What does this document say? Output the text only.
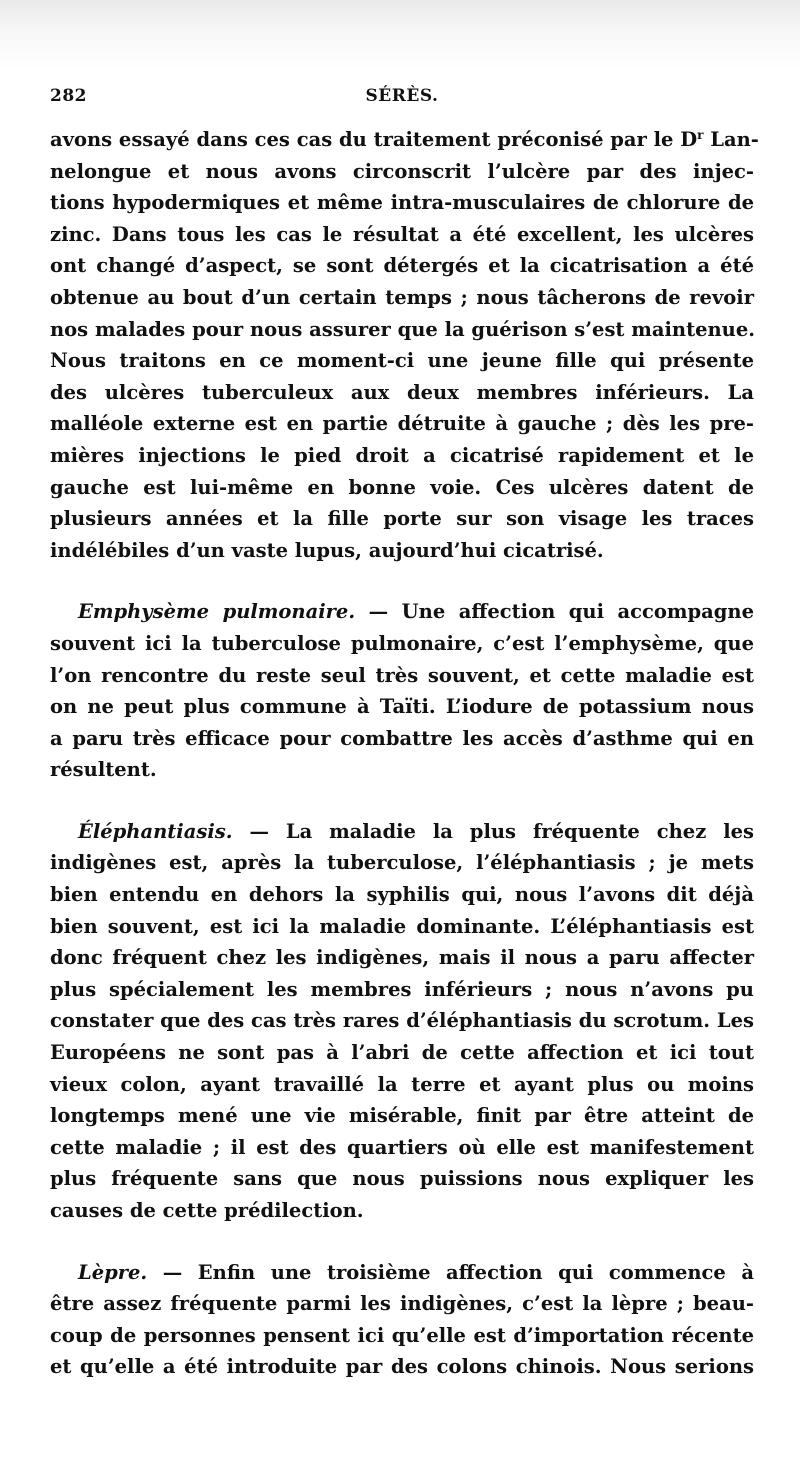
282	SÉRÈS.
avons essayé dans ces cas du traitement préconisé par le $D^r$ Lan-
nelongue et nous avons circonscrit l’ulcère par des injec-
tions hypodermiques et même intra-musculaires de chlorure de
zinc. Dans tous les cas le résultat a été excellent, les ulcères
ont changé d’aspect, se sont détergés et la cicatrisation a été
obtenue au bout d’un certain temps ; nous tâcherons de revoir
nos malades pour nous assurer que la guérison s’est maintenue.
Nous traitons en ce moment-ci une jeune fille qui présente
des ulcères tuberculeux aux deux membres inférieurs. La
malléole externe est en partie détruite à gauche ; dès les pre-
mières injections le pied droit a cicatrisé rapidement et le
gauche est lui-même en bonne voie. Ces ulcères datent de
plusieurs années et la fille porte sur son visage les traces
indélébiles d’un vaste lupus, aujourd’hui cicatrisé.
Emphysème pulmonaire. — Une affection qui accompagne
souvent ici la tuberculose pulmonaire, c’est l’emphysème, que
l’on rencontre du reste seul très souvent, et cette maladie est
on ne peut plus commune à Taïti. L’iodure de potassium nous
a paru très efficace pour combattre les accès d’asthme qui en
résultent.
Éléphantiasis. — La maladie la plus fréquente chez les
indigènes est, après la tuberculose, l’éléphantiasis ; je mets
bien entendu en dehors la syphilis qui, nous l’avons dit déjà
bien souvent, est ici la maladie dominante. L’éléphantiasis est
donc fréquent chez les indigènes, mais il nous a paru affecter
plus spécialement les membres inférieurs ; nous n’avons pu
constater que des cas très rares d’éléphantiasis du scrotum. Les
Européens ne sont pas à l’abri de cette affection et ici tout
vieux colon, ayant travaillé la terre et ayant plus ou moins
longtemps mené une vie misérable, finit par être atteint de
cette maladie ; il est des quartiers où elle est manifestement
plus fréquente sans que nous puissions nous expliquer les
causes de cette prédilection.
Lèpre. — Enfin une troisième affection qui commence à
être assez fréquente parmi les indigènes, c’est la lèpre ; beau-
coup de personnes pensent ici qu’elle est d’importation récente
et qu’elle a été introduite par des colons chinois. Nous serions
